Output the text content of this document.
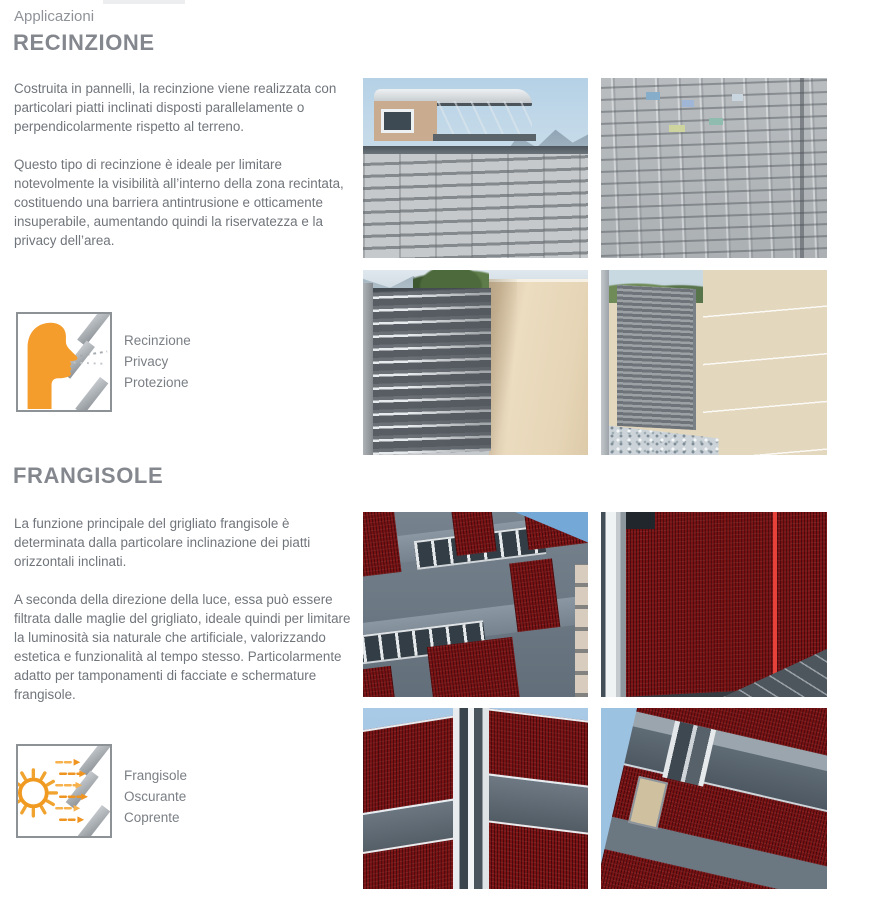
Applicazioni
RECINZIONE

Costruita in pannelli, la recinzione viene realizzata con particolari piatti inclinati disposti parallelamente o perpendicolarmente rispetto al terreno.

Questo tipo di recinzione è ideale per limitare notevolmente la visibilità all’interno della zona recintata, costituendo una barriera antintrusione e otticamente insuperabile, aumentando quindi la riservatezza e la privacy dell’area.

Recinzione
Privacy
Protezione
FRANGISOLE

La funzione principale del grigliato frangisole è determinata dalla particolare inclinazione dei piatti orizzontali inclinati.

A seconda della direzione della luce, essa può essere filtrata dalle maglie del grigliato, ideale quindi per limitare la luminosità sia naturale che artificiale, valorizzando estetica e funzionalità al tempo stesso. Particolarmente adatto per tamponamenti di facciate e schermature frangisole.

Frangisole
Oscurante
Coprente
